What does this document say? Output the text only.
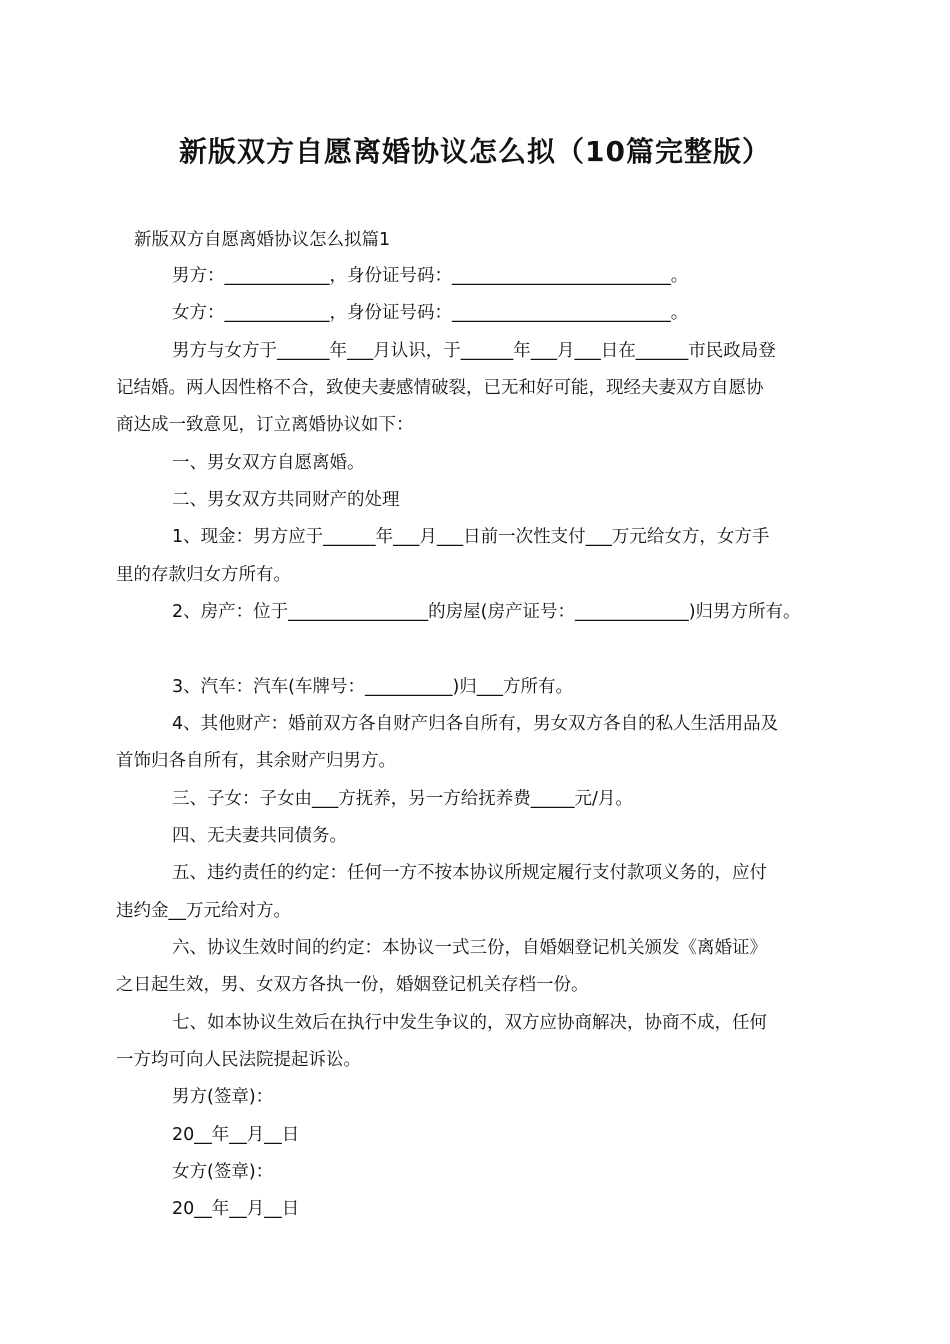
新版双方自愿离婚协议怎么拟（10篇完整版）
新版双方自愿离婚协议怎么拟篇1
男方：____________，身份证号码：_________________________。
女方：____________，身份证号码：_________________________。
男方与女方于______年___月认识，于______年___月___日在______市民政局登
记结婚。两人因性格不合，致使夫妻感情破裂，已无和好可能，现经夫妻双方自愿协
商达成一致意见，订立离婚协议如下：
一、男女双方自愿离婚。
二、男女双方共同财产的处理
1、现金：男方应于______年___月___日前一次性支付___万元给女方，女方手
里的存款归女方所有。
2、房产：位于________________的房屋(房产证号：_____________)归男方所有。
3、汽车：汽车(车牌号：__________)归___方所有。
4、其他财产：婚前双方各自财产归各自所有，男女双方各自的私人生活用品及
首饰归各自所有，其余财产归男方。
三、子女：子女由___方抚养，另一方给抚养费_____元/月。
四、无夫妻共同债务。
五、违约责任的约定：任何一方不按本协议所规定履行支付款项义务的，应付
违约金__万元给对方。
六、协议生效时间的约定：本协议一式三份，自婚姻登记机关颁发《离婚证》
之日起生效，男、女双方各执一份，婚姻登记机关存档一份。
七、如本协议生效后在执行中发生争议的，双方应协商解决，协商不成，任何
一方均可向人民法院提起诉讼。
男方(签章)：
20__年__月__日
女方(签章)：
20__年__月__日
